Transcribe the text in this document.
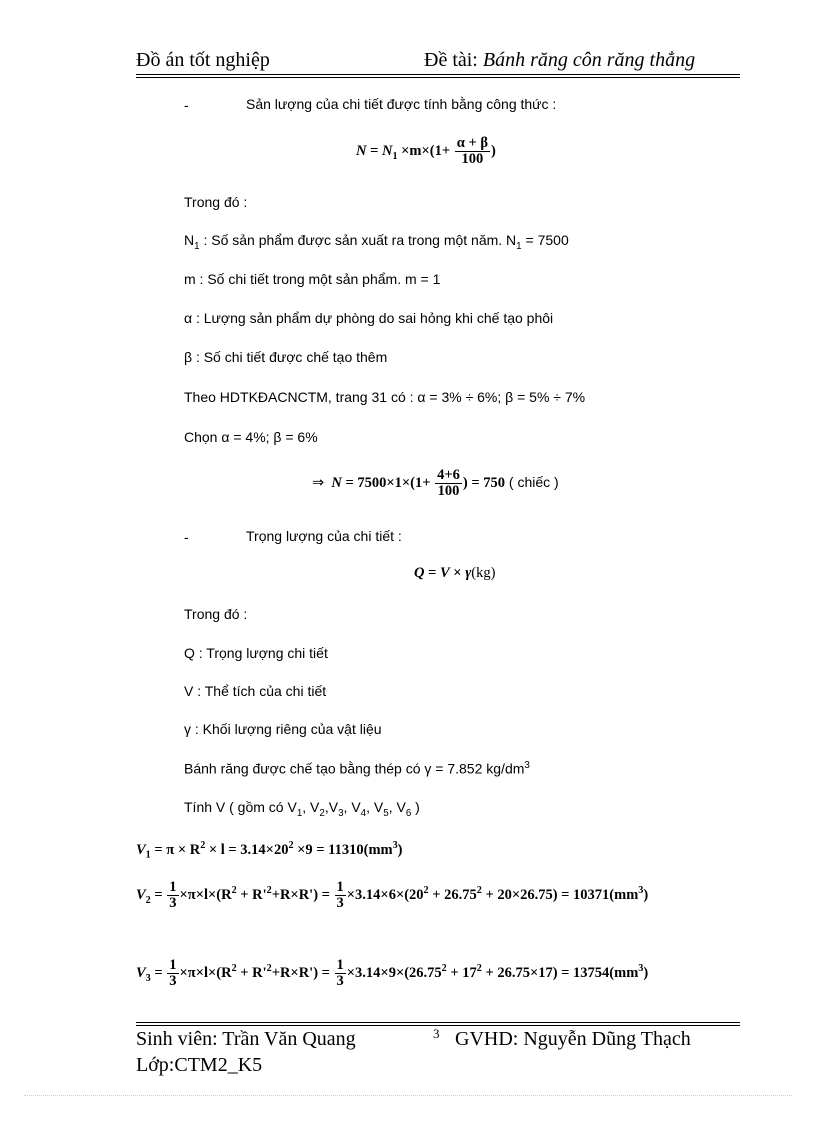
Đồ án tốt nghiệp	Đề tài: Bánh răng côn răng thẳng
-	Sản lượng của chi tiết được tính bằng công thức :
$N = N_1 \times m\times(1+ \frac{\alpha + \beta}{100}$ )
Trong đó :
$N_1$ : Số sản phẩm được sản xuất ra trong một năm. $N_1 = 7500$
m : Số chi tiết trong một sản phẩm. m = 1
α : Lượng sản phẩm dự phòng do sai hỏng khi chế tạo phôi
β : Số chi tiết được chế tạo thêm
Theo HDTKĐACNCTM, trang 31 có : α = 3% ÷ 6%; β = 5% ÷ 7%
Chọn α = 4%; β = 6%
⇒ $N = 7500\times 1\times(1+ \frac{4+6}{100}$ ) = 750 ( chiếc )
-	Trọng lượng của chi tiết :
Q = V × γ(kg)
Trong đó :
Q : Trọng lượng chi tiết
V : Thể tích của chi tiết
γ : Khối lượng riêng của vật liệu
Bánh răng được chế tạo bằng thép có γ = 7.852 $kg/dm^3$
Tính V ( gồm có $V_1$, $V_2,V_3$, $V_4$, $V_5$, $V_6$ )
$V_1 = \pi \times R^2 \times l = 3.14\times 20^2 \times 9 = 11310(mm^3)$
$V_2 = \frac{1}{3} \times\pi\times l\times(R^2 + R'^2+R\times R') = \frac{1}{3} \times 3.14\times 6\times(20^2 + 26.75^2 + 20\times 26.75) = 10371(mm^3)$
$V_3 = \frac{1}{3} \times\pi\times l\times(R^2 + R'^2+R\times R') = \frac{1}{3} \times 3.14\times 9\times(26.75^2 + 17^2 + 26.75\times 17) = 13754(mm^3)$
Sinh viên: Trần Văn Quang	3 GVHD: Nguyễn Dũng Thạch
Lớp:CTM2_K5
